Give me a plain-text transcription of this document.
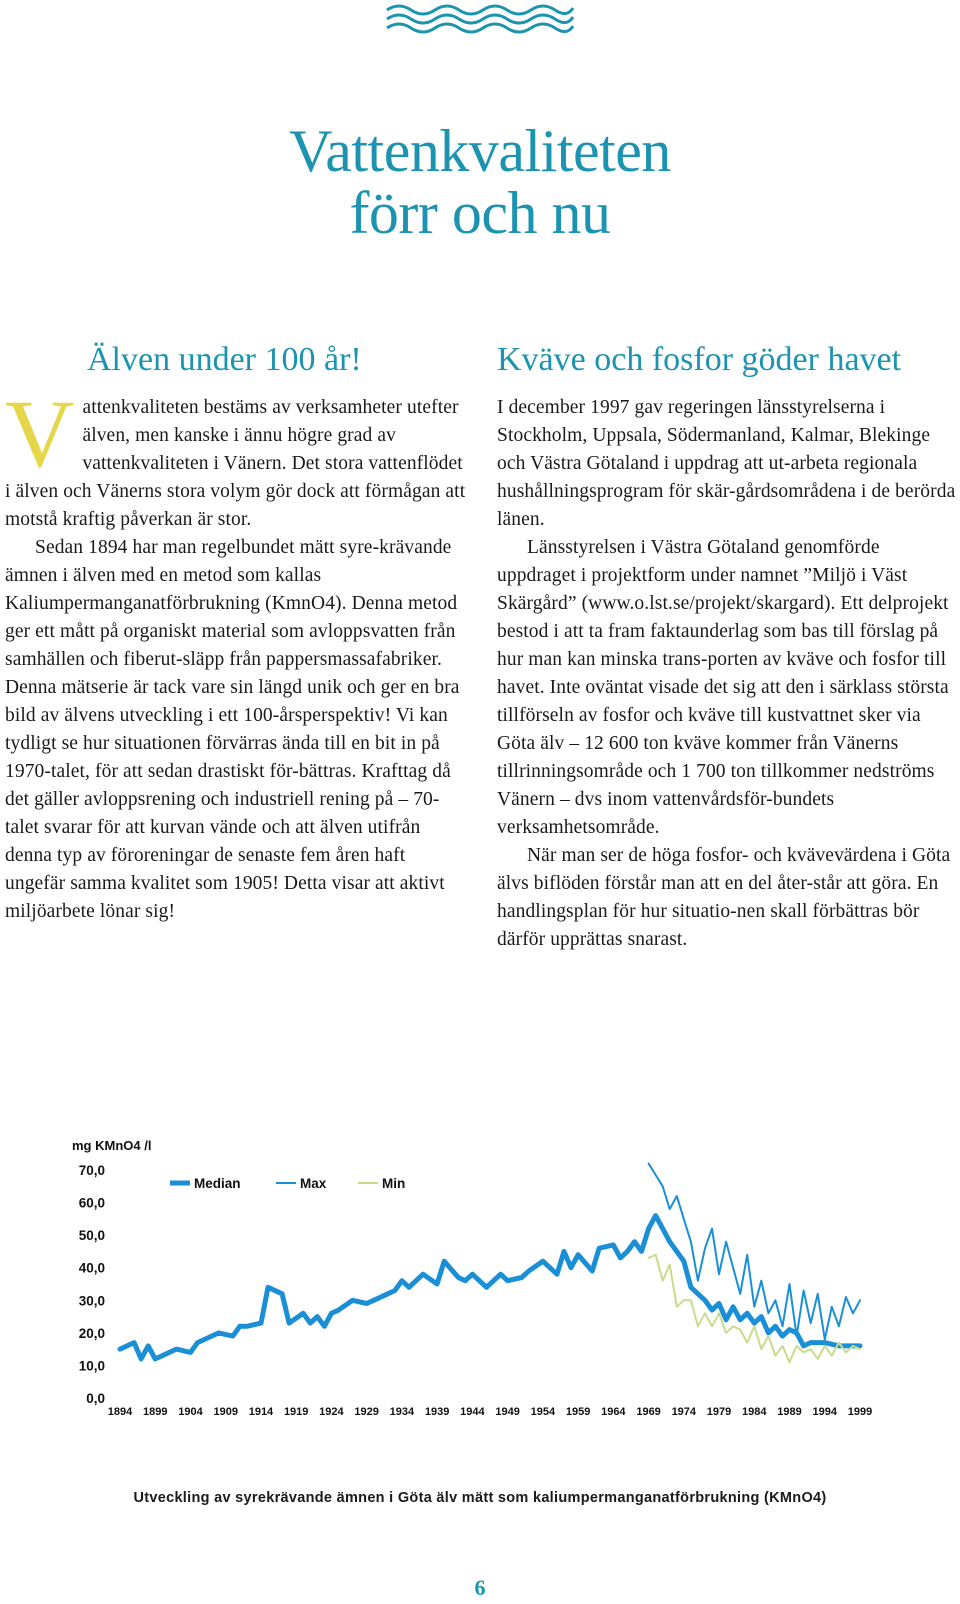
Vattenkvaliteten
förr och nu
Älven under 100 år!

Vattenkvaliteten bestäms av verksamheter utefter älven, men kanske i ännu högre grad av vattenkvaliteten i Vänern. Det stora vattenflödet i älven och Vänerns stora volym gör dock att förmågan att motstå kraftig påverkan är stor.

Sedan 1894 har man regelbundet mätt syre-krävande ämnen i älven med en metod som kallas Kaliumpermanganatförbrukning (KmnO4). Denna metod ger ett mått på organiskt material som avloppsvatten från samhällen och fiberut-släpp från pappersmassafabriker. Denna mätserie är tack vare sin längd unik och ger en bra bild av älvens utveckling i ett 100-årsperspektiv! Vi kan tydligt se hur situationen förvärras ända till en bit in på 1970-talet, för att sedan drastiskt för-bättras. Krafttag då det gäller avloppsrening och industriell rening på – 70-talet svarar för att kurvan vände och att älven utifrån denna typ av föroreningar de senaste fem åren haft ungefär samma kvalitet som 1905! Detta visar att aktivt miljöarbete lönar sig!

Kväve och fosfor göder havet

I december 1997 gav regeringen länsstyrelserna i Stockholm, Uppsala, Södermanland, Kalmar, Blekinge och Västra Götaland i uppdrag att ut-arbeta regionala hushållningsprogram för skär-gårdsområdena i de berörda länen.

Länsstyrelsen i Västra Götaland genomförde uppdraget i projektform under namnet ”Miljö i Väst Skärgård” (www.o.lst.se/projekt/skargard). Ett delprojekt bestod i att ta fram faktaunderlag som bas till förslag på hur man kan minska trans-porten av kväve och fosfor till havet. Inte oväntat visade det sig att den i särklass största tillförseln av fosfor och kväve till kustvattnet sker via Göta älv – 12 600 ton kväve kommer från Vänerns tillrinningsområde och 1 700 ton tillkommer nedströms Vänern – dvs inom vattenvårdsför-bundets verksamhetsområde.

När man ser de höga fosfor- och kvävevärdena i Göta älvs biflöden förstår man att en del åter-står att göra. En handlingsplan för hur situatio-nen skall förbättras bör därför upprättas snarast.

mg KMnO4 /l
0,0
10,0
20,0
30,0
40,0
50,0
60,0
70,0
1894 1899 1904 1909 1914 1919 1924 1929 1934 1939 1944 1949 1954 1959 1964 1969 1974 1979 1984 1989 1994 1999
Median	Max	Min
Utveckling av syrekrävande ämnen i Göta älv mätt som kaliumpermanganatförbrukning (KMnO4)
6
